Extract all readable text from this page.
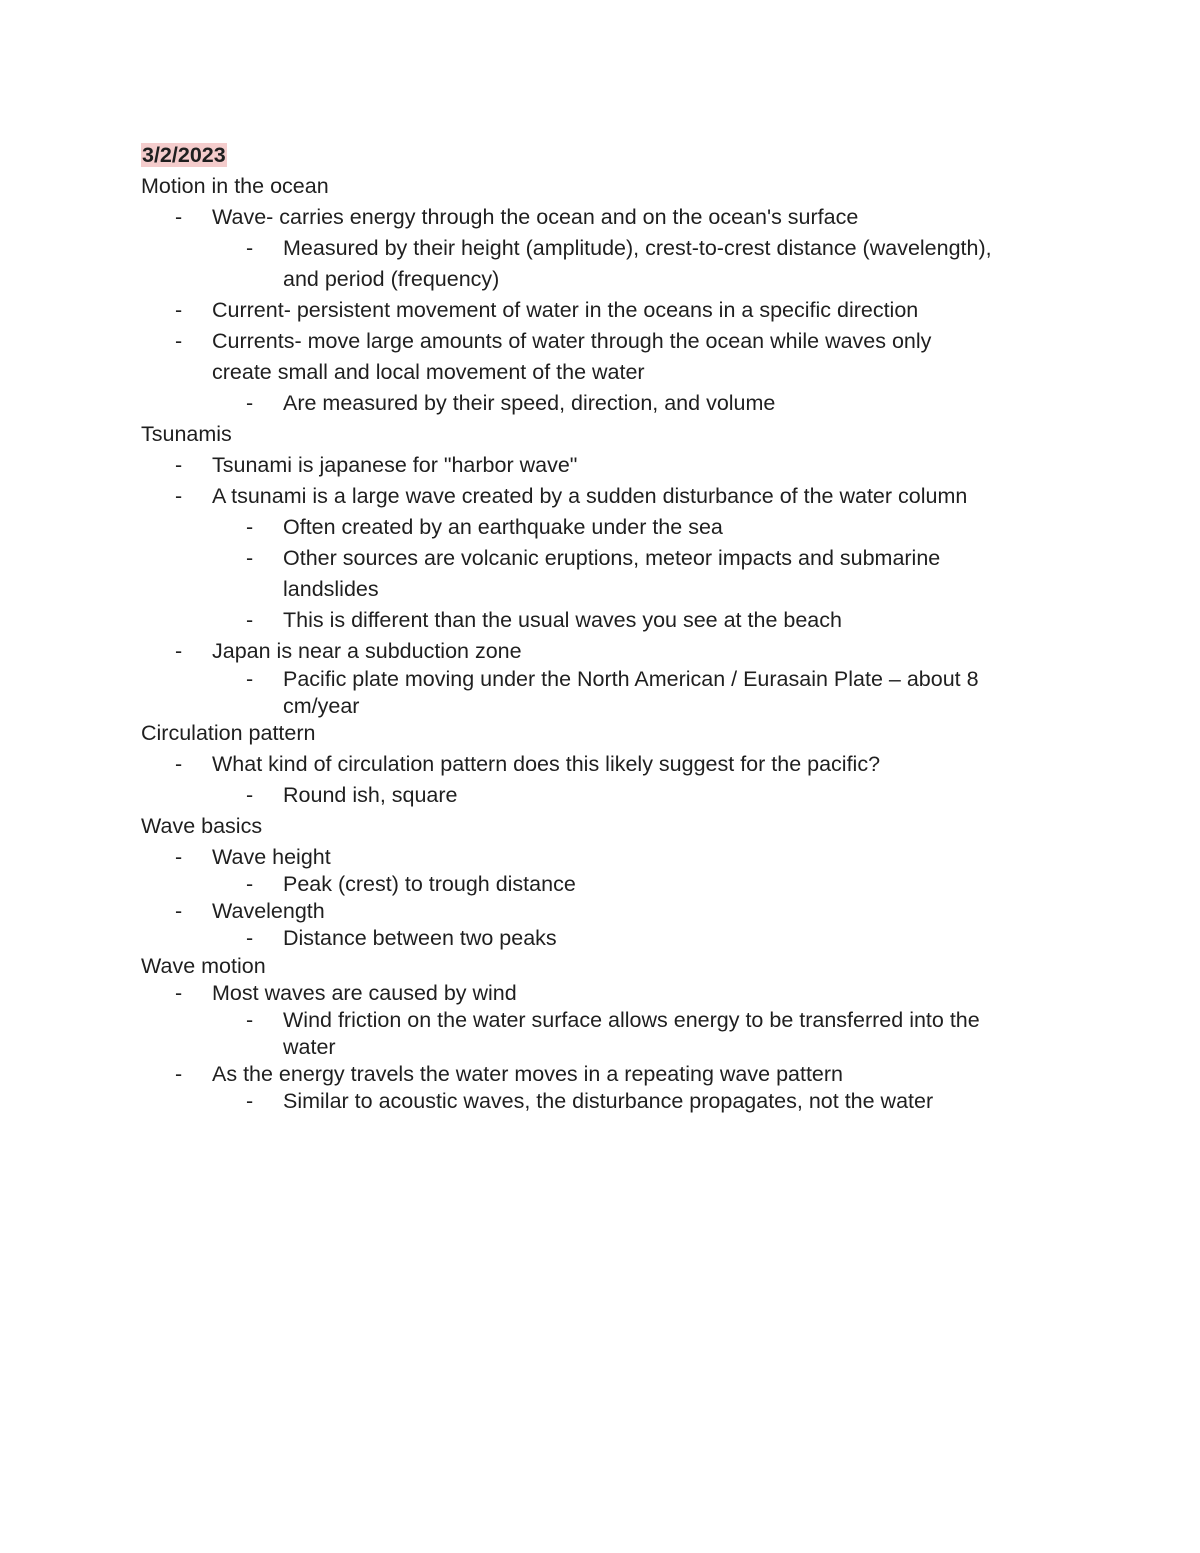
3/2/2023
Motion in the ocean
Wave- carries energy through the ocean and on the ocean's surface
-
Measured by their height (amplitude), crest-to-crest distance (wavelength),
-
and period (frequency)
Current- persistent movement of water in the oceans in a specific direction
-
Currents- move large amounts of water through the ocean while waves only
-
create small and local movement of the water
Are measured by their speed, direction, and volume
-
Tsunamis
Tsunami is japanese for "harbor wave"
-
A tsunami is a large wave created by a sudden disturbance of the water column
-
Often created by an earthquake under the sea
-
Other sources are volcanic eruptions, meteor impacts and submarine
-
landslides
This is different than the usual waves you see at the beach
-
Japan is near a subduction zone
-
Pacific plate moving under the North American / Eurasain Plate – about 8
-
cm/year
Circulation pattern
What kind of circulation pattern does this likely suggest for the pacific?
-
Round ish, square
-
Wave basics
Wave height
-
Peak (crest) to trough distance
-
Wavelength
-
Distance between two peaks
-
Wave motion
Most waves are caused by wind
-
Wind friction on the water surface allows energy to be transferred into the
-
water
As the energy travels the water moves in a repeating wave pattern
-
Similar to acoustic waves, the disturbance propagates, not the water
-
